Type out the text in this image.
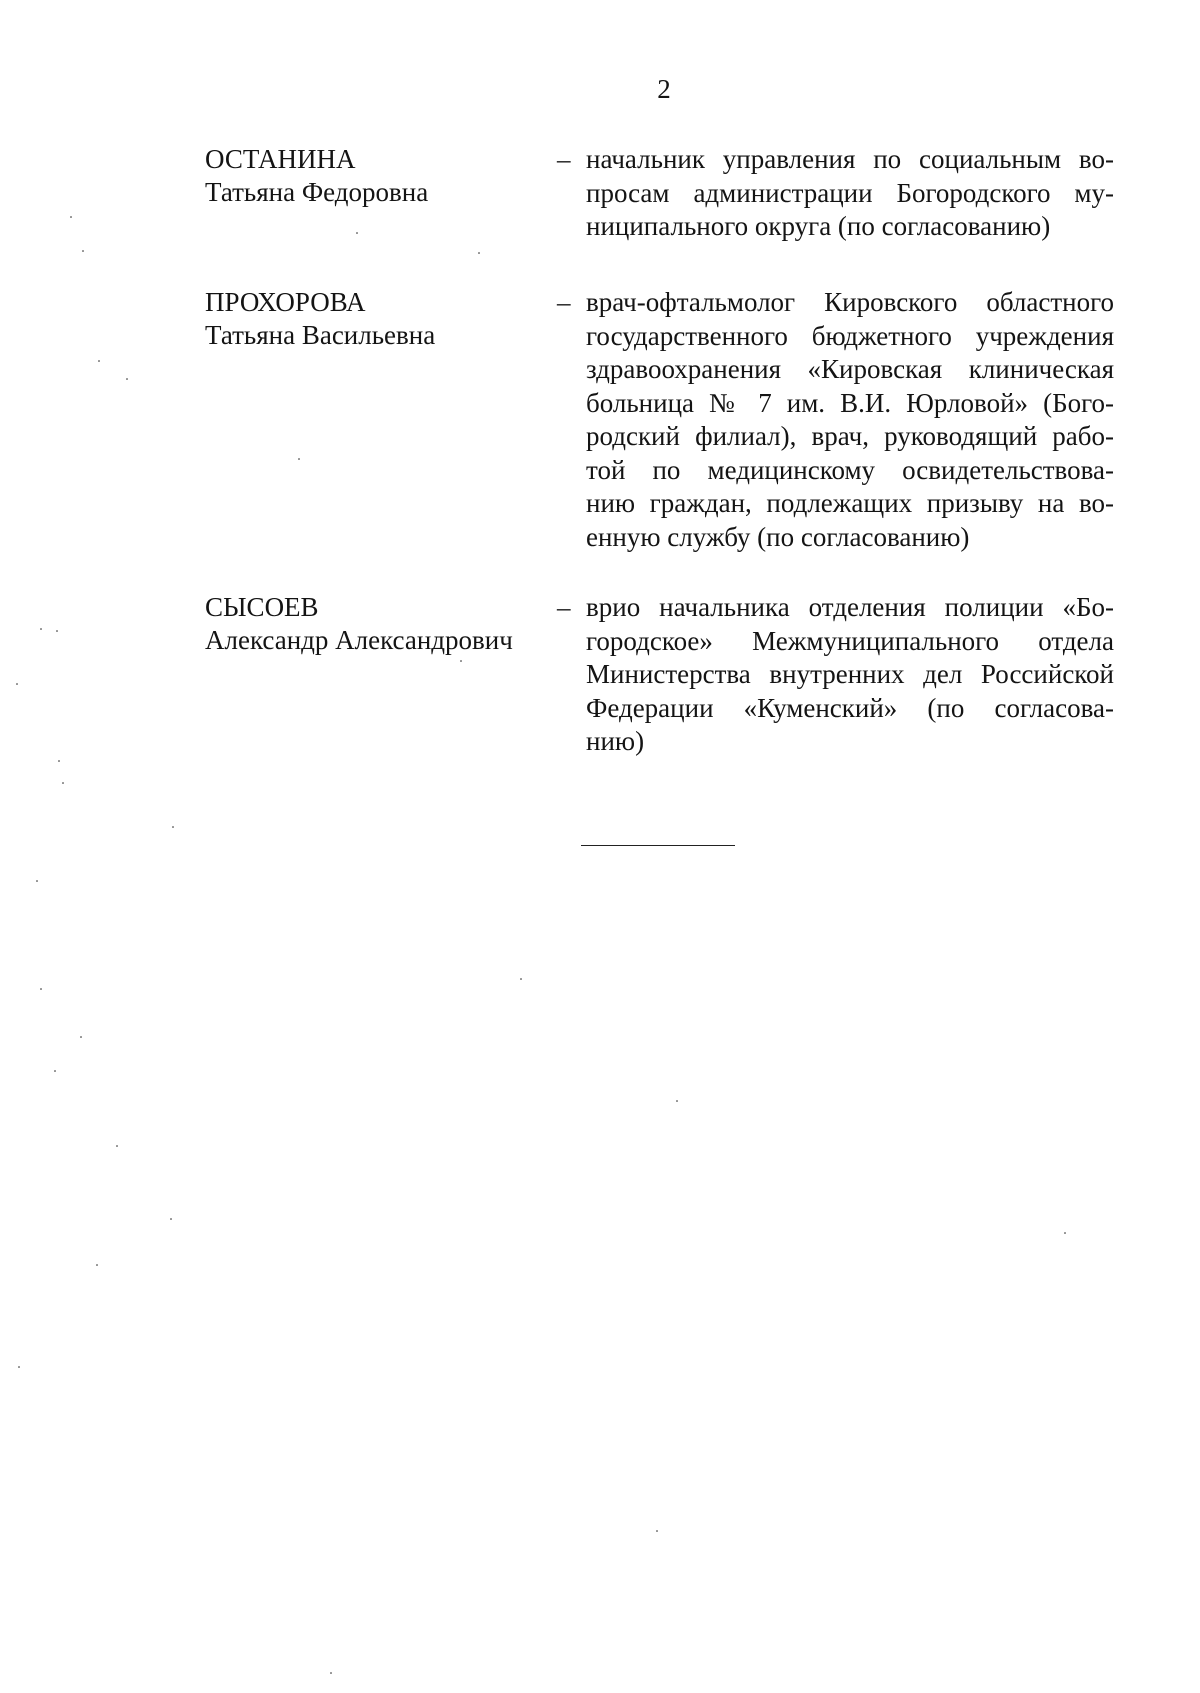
2
ОСТАНИНА
Татьяна Федоровна
– начальник управления по социальным во-
просам администрации Богородского му-
ниципального округа (по согласованию)
ПРОХОРОВА
Татьяна Васильевна
– врач-офтальмолог Кировского областного
государственного бюджетного учреждения
здравоохранения «Кировская клиническая
больница № 7 им. В.И. Юрловой» (Бого-
родский филиал), врач, руководящий рабо-
той по медицинскому освидетельствова-
нию граждан, подлежащих призыву на во-
енную службу (по согласованию)
СЫСОЕВ
Александр Александрович
– врио начальника отделения полиции «Бо-
городское» Межмуниципального отдела
Министерства внутренних дел Российской
Федерации «Куменский» (по согласова-
нию)
